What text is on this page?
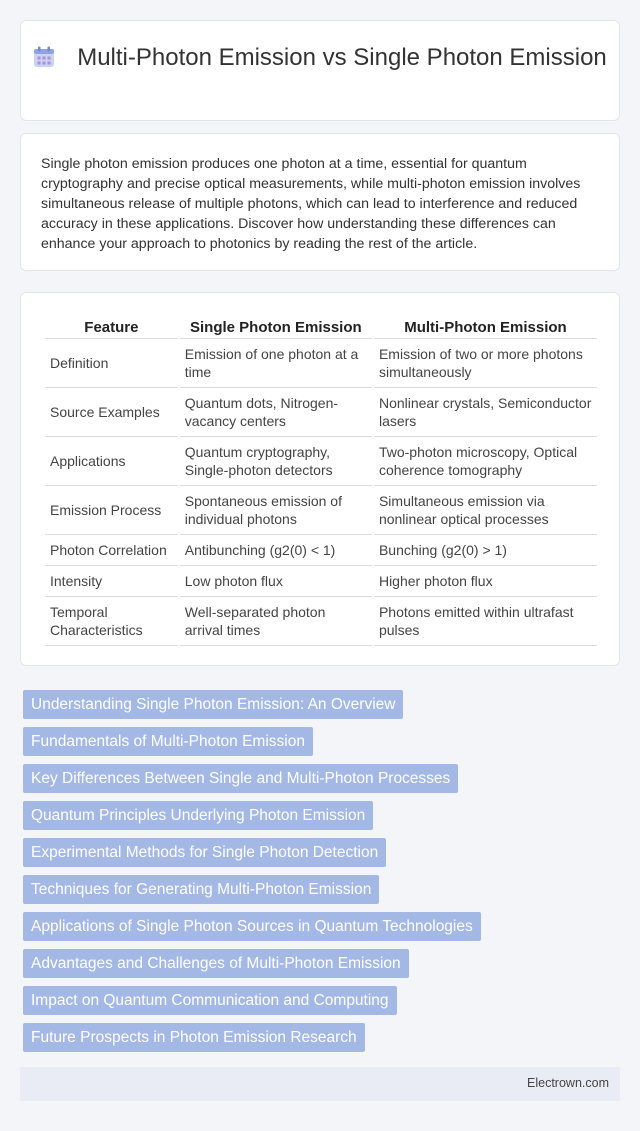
Multi-Photon Emission vs Single Photon Emission

Single photon emission produces one photon at a time, essential for quantum cryptography and precise optical measurements, while multi-photon emission involves simultaneous release of multiple photons, which can lead to interference and reduced accuracy in these applications. Discover how understanding these differences can enhance your approach to photonics by reading the rest of the article.

Feature	Single Photon Emission	Multi-Photon Emission
Definition	Emission of one photon at a time	Emission of two or more photons simultaneously
Source Examples	Quantum dots, Nitrogen-vacancy centers	Nonlinear crystals, Semiconductor lasers
Applications	Quantum cryptography, Single-photon detectors	Two-photon microscopy, Optical coherence tomography
Emission Process	Spontaneous emission of individual photons	Simultaneous emission via nonlinear optical processes
Photon Correlation	Antibunching (g2(0) < 1)	Bunching (g2(0) > 1)
Intensity	Low photon flux	Higher photon flux
Temporal Characteristics	Well-separated photon arrival times	Photons emitted within ultrafast pulses
Understanding Single Photon Emission: An Overview
Fundamentals of Multi-Photon Emission
Key Differences Between Single and Multi-Photon Processes
Quantum Principles Underlying Photon Emission
Experimental Methods for Single Photon Detection
Techniques for Generating Multi-Photon Emission
Applications of Single Photon Sources in Quantum Technologies
Advantages and Challenges of Multi-Photon Emission
Impact on Quantum Communication and Computing
Future Prospects in Photon Emission Research
Electrown.com
